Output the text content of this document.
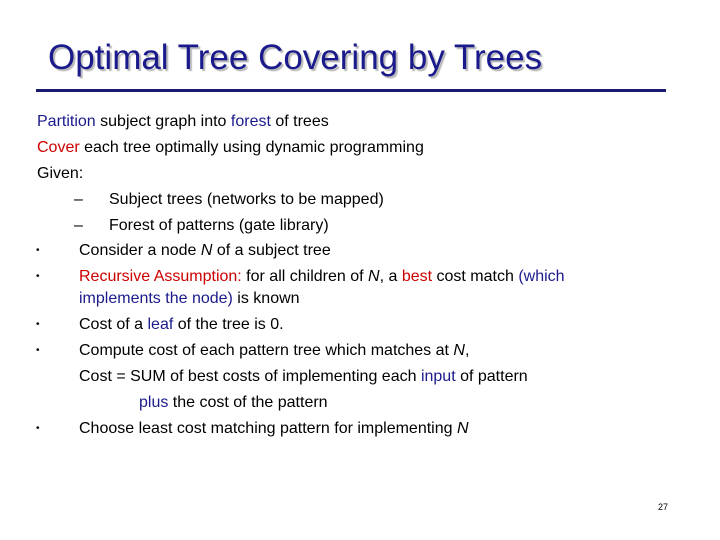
Optimal Tree Covering by Trees
Partition subject graph into forest of trees
Cover each tree optimally using dynamic programming
Given:
– Subject trees (networks to be mapped)
– Forest of patterns (gate library)
• Consider a node N of a subject tree
• Recursive Assumption: for all children of N, a best cost match (which
implements the node) is known
• Cost of a leaf of the tree is 0.
• Compute cost of each pattern tree which matches at N,
Cost = SUM of best costs of implementing each input of pattern
plus the cost of the pattern
• Choose least cost matching pattern for implementing N
27
